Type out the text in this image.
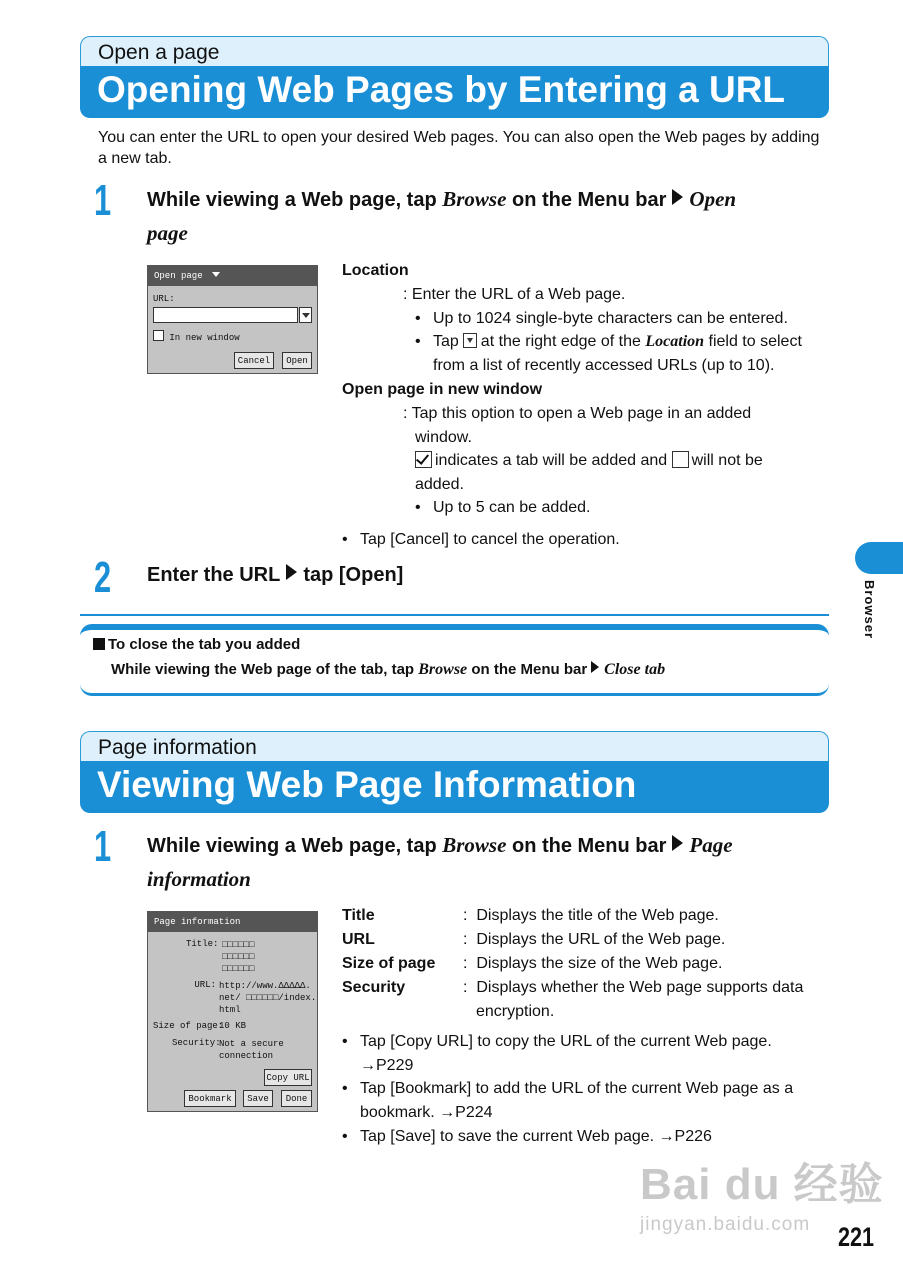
Open a page
Opening Web Pages by Entering a URL
You can enter the URL to open your desired Web pages. You can also open the Web pages by adding a new tab.
1 While viewing a Web page, tap Browse on the Menu bar Open
page
Open page
URL:
In new window
Cancel	Open
Location
: Enter the URL of a Web page.
• Up to 1024 single-byte characters can be entered.
• Tap at the right edge of the Location field to select
from a list of recently accessed URLs (up to 10).
Open page in new window
: Tap this option to open a Web page in an added
window.
indicates a tab will be added and will not be
added.
• Up to 5 can be added.
• Tap [Cancel] to cancel the operation.
2 Enter the URL tap [Open]
To close the tab you added
While viewing the Web page of the tab, tap Browse on the Menu bar Close tab
Page information
Viewing Web Page Information
1 While viewing a Web page, tap Browse on the Menu bar Page
information
Page information
Title: □□□□□□
□□□□□□
□□□□□□
URL: http://www.ΔΔΔΔΔ.
net/ □□□□□□/index.
html
Size of page:
10 KB
Security:
Not a secure
connection
Copy URL
Bookmark	Save	Done
Title	:  Displays the title of the Web page.
URL	:  Displays the URL of the Web page.
Size of page :  Displays the size of the Web page.
Security	:  Displays whether the Web page supports data
encryption.
• Tap [Copy URL] to copy the URL of the current Web page.
→P229
• Tap [Bookmark] to add the URL of the current Web page as a
bookmark. →P224
• Tap [Save] to save the current Web page. →P226
Browser
Bai du 经验
jingyan.baidu.com	221
